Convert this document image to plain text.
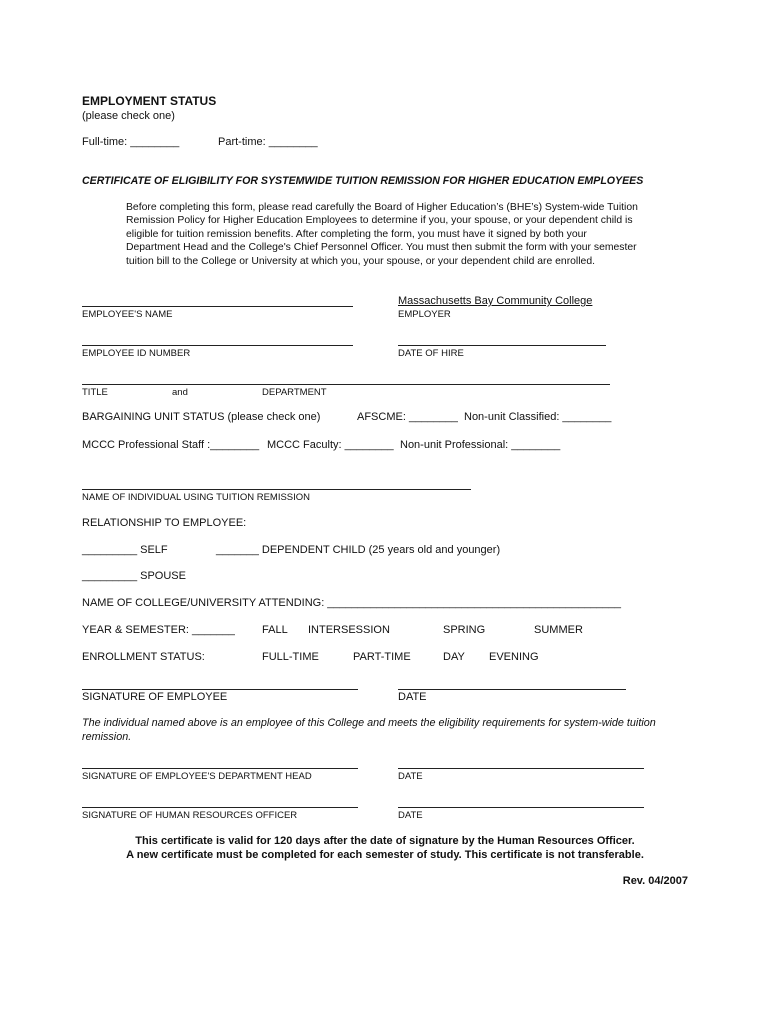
EMPLOYMENT STATUS
(please check one)
Full-time: ________	Part-time: ________
CERTIFICATE OF ELIGIBILITY FOR SYSTEMWIDE TUITION REMISSION FOR HIGHER EDUCATION EMPLOYEES
Before completing this form, please read carefully the Board of Higher Education’s (BHE’s) System-wide Tuition
Remission Policy for Higher Education Employees to determine if you, your spouse, or your dependent child is
eligible for tuition remission benefits. After completing the form, you must have it signed by both your
Department Head and the College's Chief Personnel Officer. You must then submit the form with your semester
tuition bill to the College or University at which you, your spouse, or your dependent child are enrolled.
EMPLOYEE'S NAME
Massachusetts Bay Community College
EMPLOYER
EMPLOYEE ID NUMBER	DATE OF HIRE
TITLE	and	DEPARTMENT
BARGAINING UNIT STATUS (please check one)	AFSCME: ________ Non-unit Classified: ________
MCCC Professional Staff :________ MCCC Faculty: ________ Non-unit Professional: ________
NAME OF INDIVIDUAL USING TUITION REMISSION
RELATIONSHIP TO EMPLOYEE:
_________ SELF	_______ DEPENDENT CHILD (25 years old and younger)
_________ SPOUSE
NAME OF COLLEGE/UNIVERSITY ATTENDING: ________________________________________________
YEAR & SEMESTER: _______ FALL INTERSESSION	SPRING	SUMMER
ENROLLMENT STATUS:	FULL-TIME	PART-TIME	DAY EVENING
SIGNATURE OF EMPLOYEE	DATE
The individual named above is an employee of this College and meets the eligibility requirements for system-wide tuition
remission.
SIGNATURE OF EMPLOYEE'S DEPARTMENT HEAD	DATE
SIGNATURE OF HUMAN RESOURCES OFFICER	DATE
This certificate is valid for 120 days after the date of signature by the Human Resources Officer.
A new certificate must be completed for each semester of study. This certificate is not transferable.
Rev. 04/2007
